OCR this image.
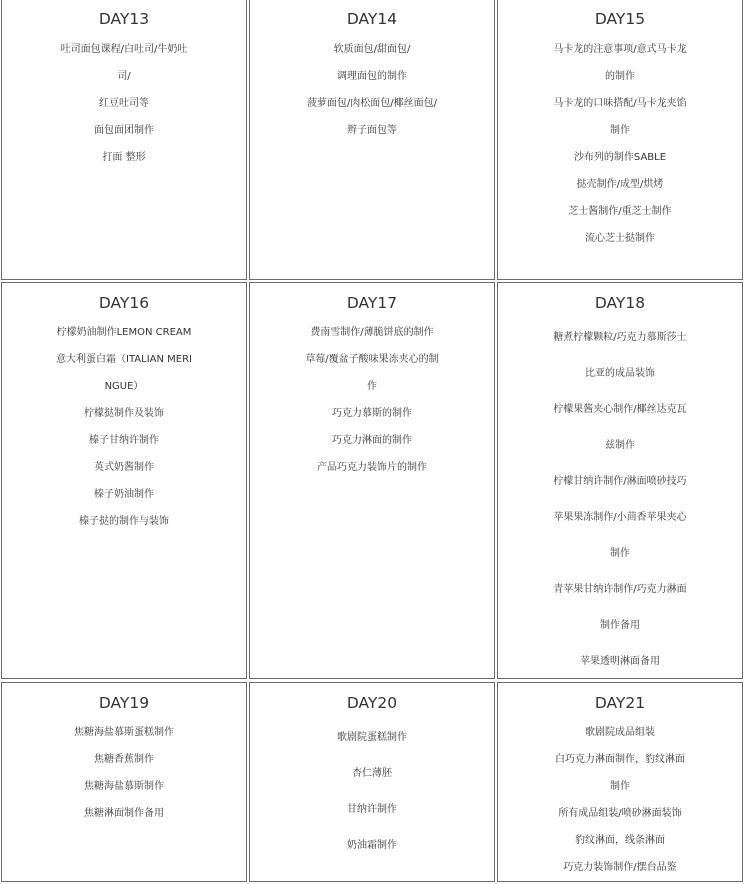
DAY13
吐司面包课程/白吐司/牛奶吐
司/
红豆吐司等
面包面团制作
打面 整形
DAY14
软质面包/甜面包/
调理面包的制作
菠萝面包/肉松面包/椰丝面包/
辫子面包等
DAY15
马卡龙的注意事项/意式马卡龙
的制作
马卡龙的口味搭配/马卡龙夹馅
制作
沙布列的制作SABLE
挞壳制作/成型/烘烤
芝士酱制作/重芝士制作
流心芝士挞制作
DAY16
柠檬奶油制作LEMON CREAM
意大利蛋白霜（ITALIAN MERI
NGUE）
柠檬挞制作及装饰
榛子甘纳许制作
英式奶酱制作
榛子奶油制作
榛子挞的制作与装饰
DAY17
费南雪制作/薄脆饼底的制作
草莓/覆盆子酸味果冻夹心的制
作
巧克力慕斯的制作
巧克力淋面的制作
产品巧克力装饰片的制作
DAY18
糖煮柠檬颗粒/巧克力慕斯莎士
比亚的成品装饰
柠檬果酱夹心制作/椰丝达克瓦
兹制作
柠檬甘纳许制作/淋面喷砂技巧
苹果果冻制作/小茴香苹果夹心
制作
青苹果甘纳许制作/巧克力淋面
制作备用
苹果透明淋面备用
DAY19
焦糖海盐慕斯蛋糕制作
焦糖香蕉制作
焦糖海盐慕斯制作
焦糖淋面制作备用
DAY20
歌剧院蛋糕制作
杏仁薄胚
甘纳许制作
奶油霜制作
DAY21
歌剧院成品组装
白巧克力淋面制作，豹纹淋面
制作
所有成品组装/喷砂淋面装饰
豹纹淋面，线条淋面
巧克力装饰制作/摆台品鉴
